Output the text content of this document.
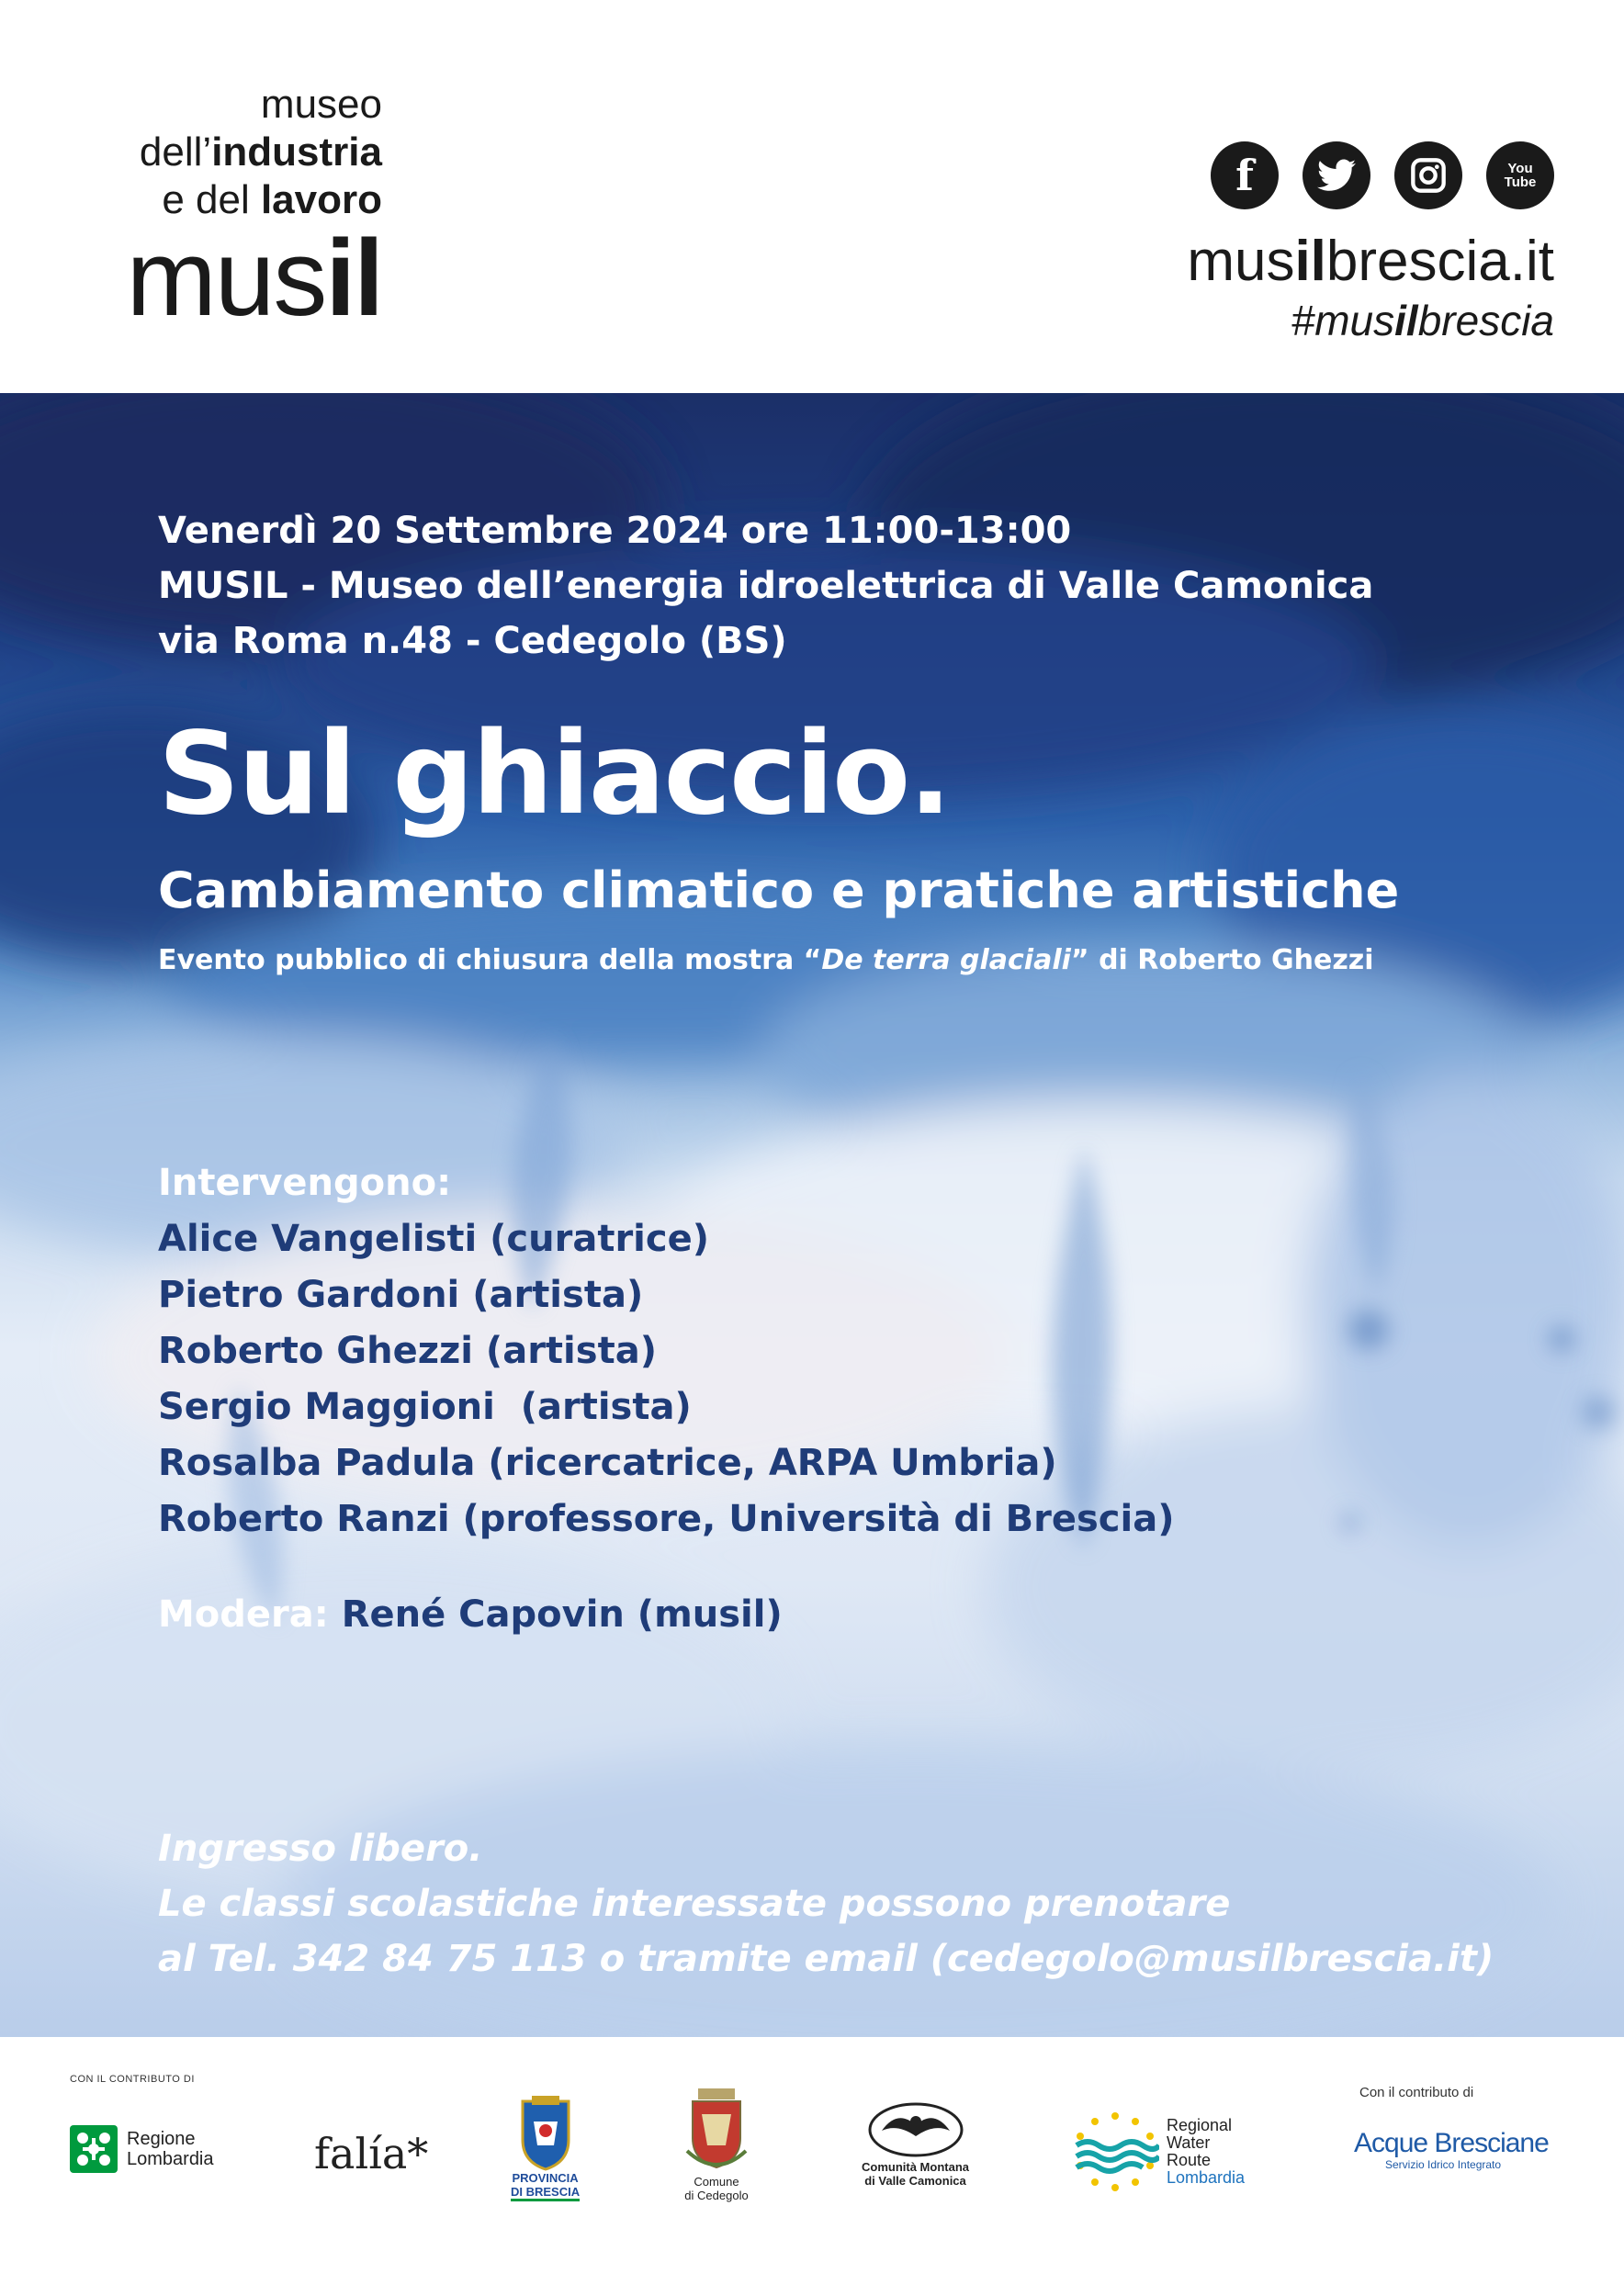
museo
dell’industria
e del lavoro
musil
f	You Tube
musilbrescia.it
#musilbrescia
Venerdì 20 Settembre 2024 ore 11:00-13:00
MUSIL - Museo dell’energia idroelettrica di Valle Camonica
via Roma n.48 - Cedegolo (BS)
Sul ghiaccio.
Cambiamento climatico e pratiche artistiche
Evento pubblico di chiusura della mostra “De terra glaciali” di Roberto Ghezzi
Intervengono:
Alice Vangelisti (curatrice)
Pietro Gardoni (artista)
Roberto Ghezzi (artista)
Sergio Maggioni  (artista)
Rosalba Padula (ricercatrice, ARPA Umbria)
Roberto Ranzi (professore, Università di Brescia)
Modera: René Capovin (musil)
Ingresso libero.
Le classi scolastiche interessate possono prenotare
al Tel. 342 84 75 113 o tramite email (cedegolo@musilbrescia.it)
CON IL CONTRIBUTO DI
Con il contributo di
Regione
Lombardia falía*	PROVINCIA
DI BRESCIA
Comune
di Cedegolo
Comunità Montana
di Valle Camonica
Regional
Water
Route
Lombardia
Acque Bresciane
Servizio Idrico Integrato
